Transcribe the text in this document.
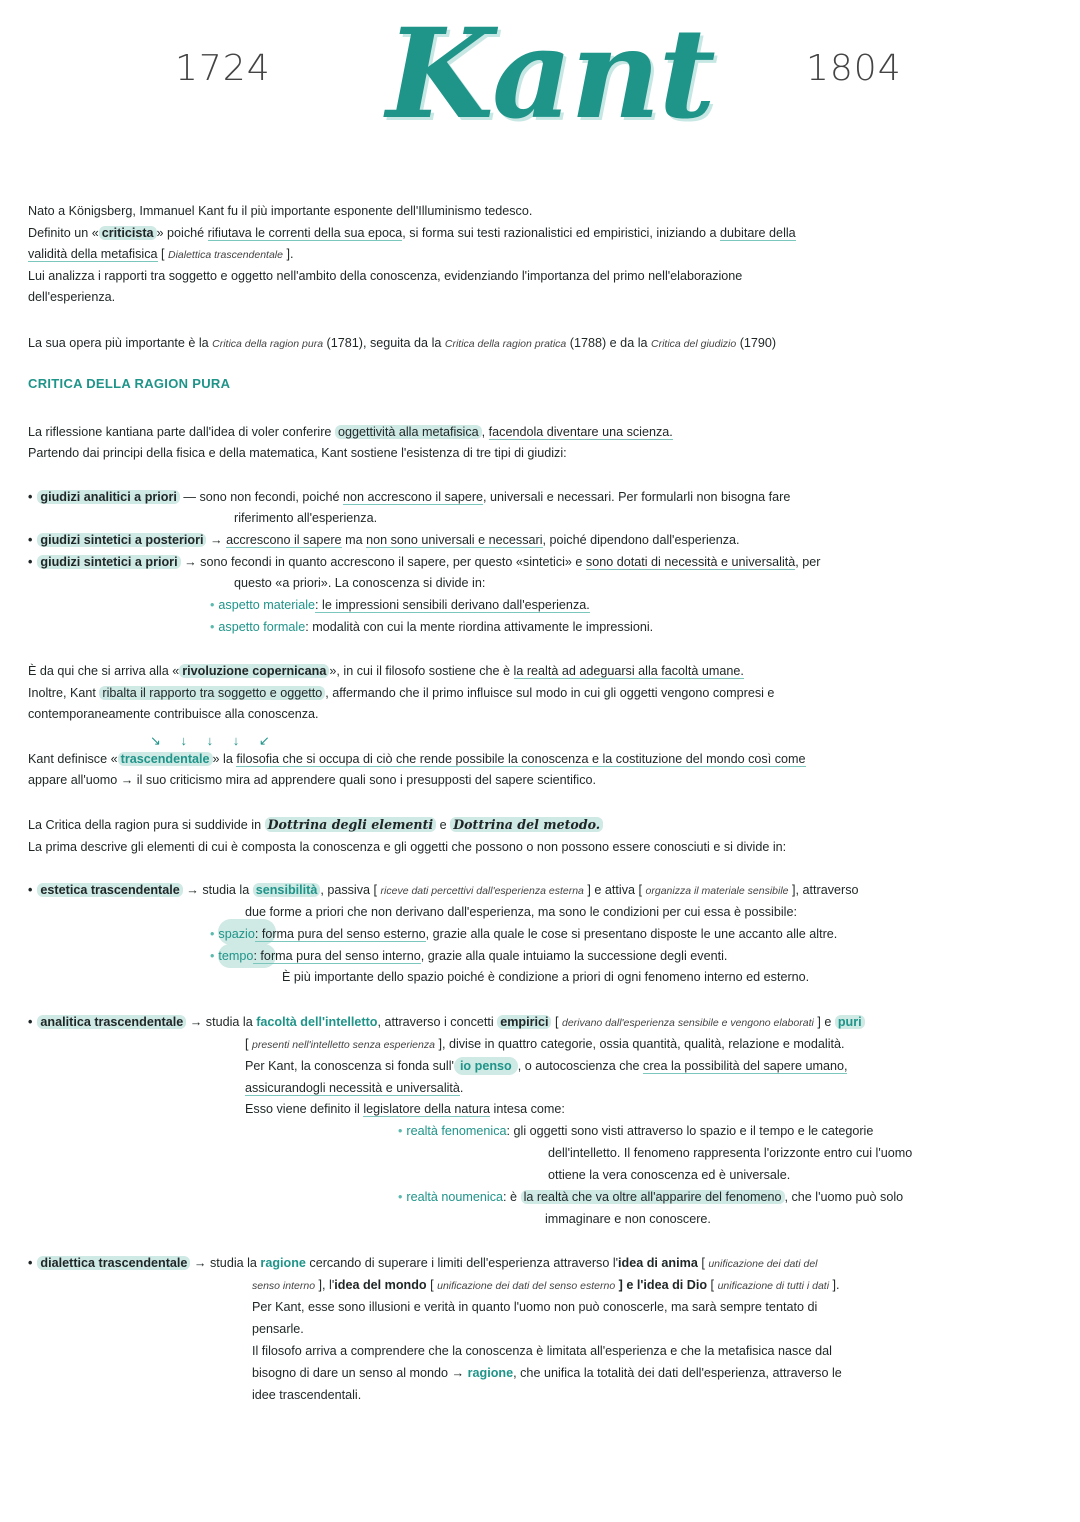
1724 Kant	1804
Nato a Königsberg, Immanuel Kant fu il più importante esponente dell'Illuminismo tedesco.
Definito un « criticista » poiché rifiutava le correnti della sua epoca, si forma sui testi razionalistici ed empiristici, iniziando a dubitare della
validità della metafisica [ Dialettica trascendentale ].
Lui analizza i rapporti tra soggetto e oggetto nell'ambito della conoscenza, evidenziando l'importanza del primo nell'elaborazione
dell'esperienza.
La sua opera più importante è la Critica della ragion pura (1781), seguita da la Critica della ragion pratica (1788) e da la Critica del giudizio (1790)
CRITICA DELLA RAGION PURA
La riflessione kantiana parte dall'idea di voler conferire oggettività alla metafisica , facendola diventare una scienza.
Partendo dai principi della fisica e della matematica, Kant sostiene l'esistenza di tre tipi di giudizi:
• giudizi analitici a priori — sono non fecondi, poiché non accrescono il sapere, universali e necessari. Per formularli non bisogna fare
riferimento all'esperienza.
• giudizi sintetici a posteriori → accrescono il sapere ma non sono universali e necessari, poiché dipendono dall'esperienza.
• giudizi sintetici a priori → sono fecondi in quanto accrescono il sapere, per questo «sintetici» e sono dotati di necessità e universalità, per
questo «a priori». La conoscenza si divide in:
• aspetto materiale: le impressioni sensibili derivano dall'esperienza.
• aspetto formale: modalità con cui la mente riordina attivamente le impressioni.
È da qui che si arriva alla « rivoluzione copernicana », in cui il filosofo sostiene che è la realtà ad adeguarsi alla facoltà umane.
Inoltre, Kant ribalta il rapporto tra soggetto e oggetto , affermando che il primo influisce sul modo in cui gli oggetti vengono compresi e
contemporaneamente contribuisce alla conoscenza.
↘ ↓ ↓ ↓ ↙
Kant definisce « trascendentale » la filosofia che si occupa di ciò che rende possibile la conoscenza e la costituzione del mondo così come
appare all'uomo → il suo criticismo mira ad apprendere quali sono i presupposti del sapere scientifico.
La Critica della ragion pura si suddivide in Dottrina degli elementi e Dottrina del metodo.
La prima descrive gli elementi di cui è composta la conoscenza e gli oggetti che possono o non possono essere conosciuti e si divide in:
• estetica trascendentale → studia la sensibilità , passiva [ riceve dati percettivi dall'esperienza esterna ] e attiva [ organizza il materiale sensibile ], attraverso
due forme a priori che non derivano dall'esperienza, ma sono le condizioni per cui essa è possibile:
• spazio: forma pura del senso esterno, grazie alla quale le cose si presentano disposte le une accanto alle altre.
• tempo: forma pura del senso interno, grazie alla quale intuiamo la successione degli eventi.
È più importante dello spazio poiché è condizione a priori di ogni fenomeno interno ed esterno.
• analitica trascendentale → studia la facoltà dell'intelletto, attraverso i concetti empirici [ derivano dall'esperienza sensibile e vengono elaborati ] e puri
[ presenti nell'intelletto senza esperienza ], divise in quattro categorie, ossia quantità, qualità, relazione e modalità.
Per Kant, la conoscenza si fonda sull' io penso , o autocoscienza che crea la possibilità del sapere umano,
assicurandogli necessità e universalità.
Esso viene definito il legislatore della natura intesa come:
• realtà fenomenica: gli oggetti sono visti attraverso lo spazio e il tempo e le categorie
dell'intelletto. Il fenomeno rappresenta l'orizzonte entro cui l'uomo
ottiene la vera conoscenza ed è universale.
• realtà noumenica: è la realtà che va oltre all'apparire del fenomeno , che l'uomo può solo
immaginare e non conoscere.
• dialettica trascendentale → studia la ragione cercando di superare i limiti dell'esperienza attraverso l'idea di anima [ unificazione dei dati del
senso interno ], l'idea del mondo [ unificazione dei dati del senso esterno ] e l'idea di Dio [ unificazione di tutti i dati ].
Per Kant, esse sono illusioni e verità in quanto l'uomo non può conoscerle, ma sarà sempre tentato di
pensarle.
Il filosofo arriva a comprendere che la conoscenza è limitata all'esperienza e che la metafisica nasce dal
bisogno di dare un senso al mondo → ragione, che unifica la totalità dei dati dell'esperienza, attraverso le
idee trascendentali.
